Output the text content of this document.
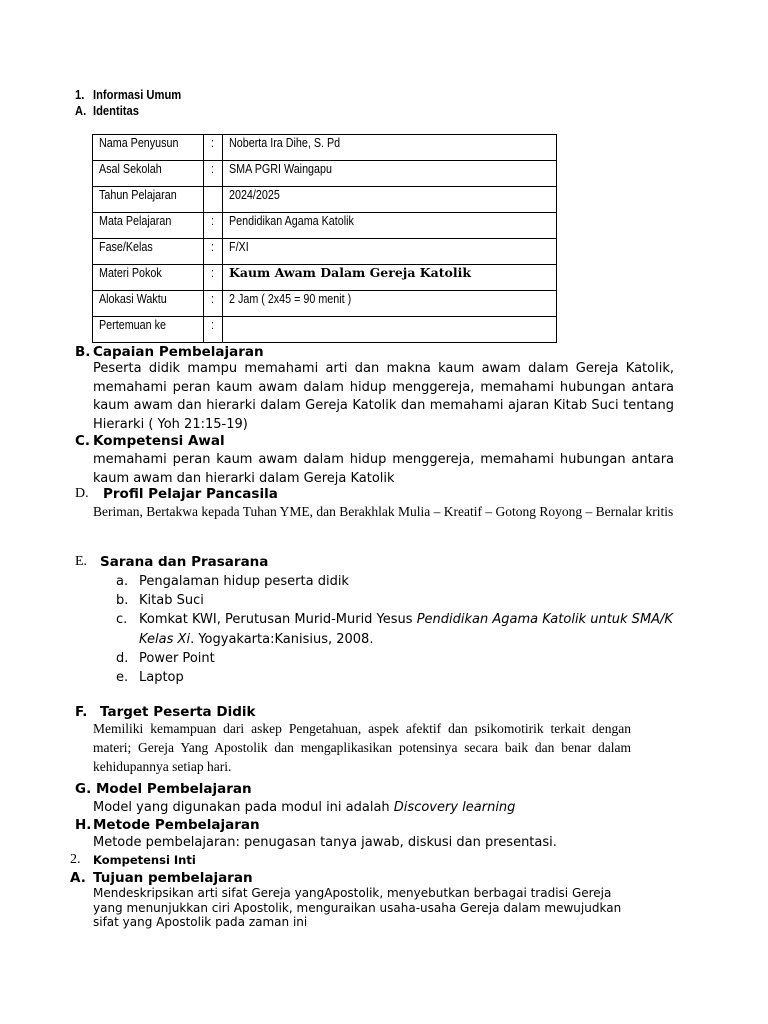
1. Informasi Umum
A. Identitas
Nama Penyusun	:	Noberta Ira Dihe, S. Pd
Asal Sekolah	:	SMA PGRI Waingapu
Tahun Pelajaran		2024/2025
Mata Pelajaran	:	Pendidikan Agama Katolik
Fase/Kelas	:	F/XI
Materi Pokok	:	Kaum Awam Dalam Gereja Katolik
Alokasi Waktu	:	2 Jam ( 2x45 = 90 menit )
Pertemuan ke	:	
B. Capaian Pembelajaran
Peserta didik mampu memahami arti dan makna kaum awam dalam Gereja Katolik, memahami peran kaum awam dalam hidup menggereja, memahami hubungan antara kaum awam dan hierarki dalam Gereja Katolik dan memahami ajaran Kitab Suci tentang Hierarki ( Yoh 21:15-19)
C. Kompetensi Awal
memahami peran kaum awam dalam hidup menggereja, memahami hubungan antara kaum awam dan hierarki dalam Gereja Katolik
D. Profil Pelajar Pancasila
Beriman, Bertakwa kepada Tuhan YME, dan Berakhlak Mulia – Kreatif – Gotong Royong – Bernalar kritis
E. Sarana dan Prasarana
a. Pengalaman hidup peserta didik
b. Kitab Suci
c. Komkat KWI, Perutusan Murid-Murid Yesus Pendidikan Agama Katolik untuk SMA/K
Kelas Xi. Yogyakarta:Kanisius, 2008.
d. Power Point
e. Laptop
F. Target Peserta Didik
Memiliki kemampuan dari askep Pengetahuan, aspek afektif dan psikomotirik terkait dengan materi; Gereja Yang Apostolik dan mengaplikasikan potensinya secara baik dan benar dalam kehidupannya setiap hari.
G. Model Pembelajaran
Model yang digunakan pada modul ini adalah Discovery learning
H. Metode Pembelajaran
Metode pembelajaran: penugasan tanya jawab, diskusi dan presentasi.
2. Kompetensi Inti
A. Tujuan pembelajaran
Mendeskripsikan arti sifat Gereja yangApostolik, menyebutkan berbagai tradisi Gereja yang menunjukkan ciri Apostolik, menguraikan usaha-usaha Gereja dalam mewujudkan sifat yang Apostolik pada zaman ini
